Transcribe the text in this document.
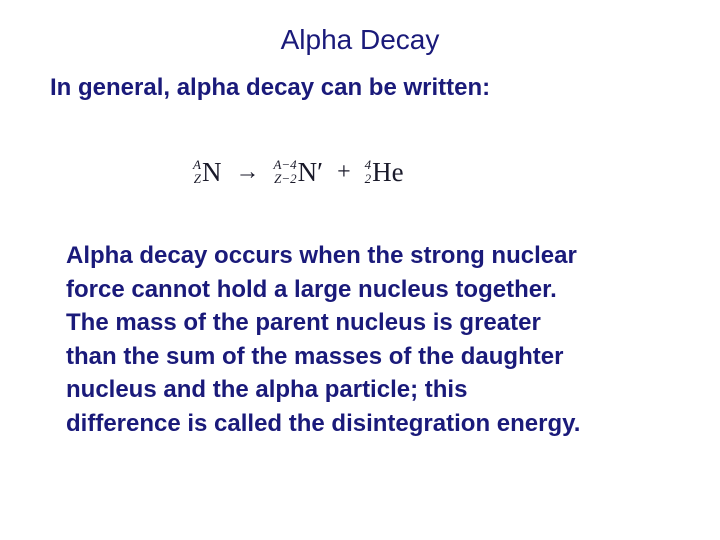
Alpha Decay
In general, alpha decay can be written:
A
Z N → A−4
Z−2 N′ + 4
2 He
Alpha decay occurs when the strong nuclear
force cannot hold a large nucleus together.
The mass of the parent nucleus is greater
than the sum of the masses of the daughter
nucleus and the alpha particle; this
difference is called the disintegration energy.
